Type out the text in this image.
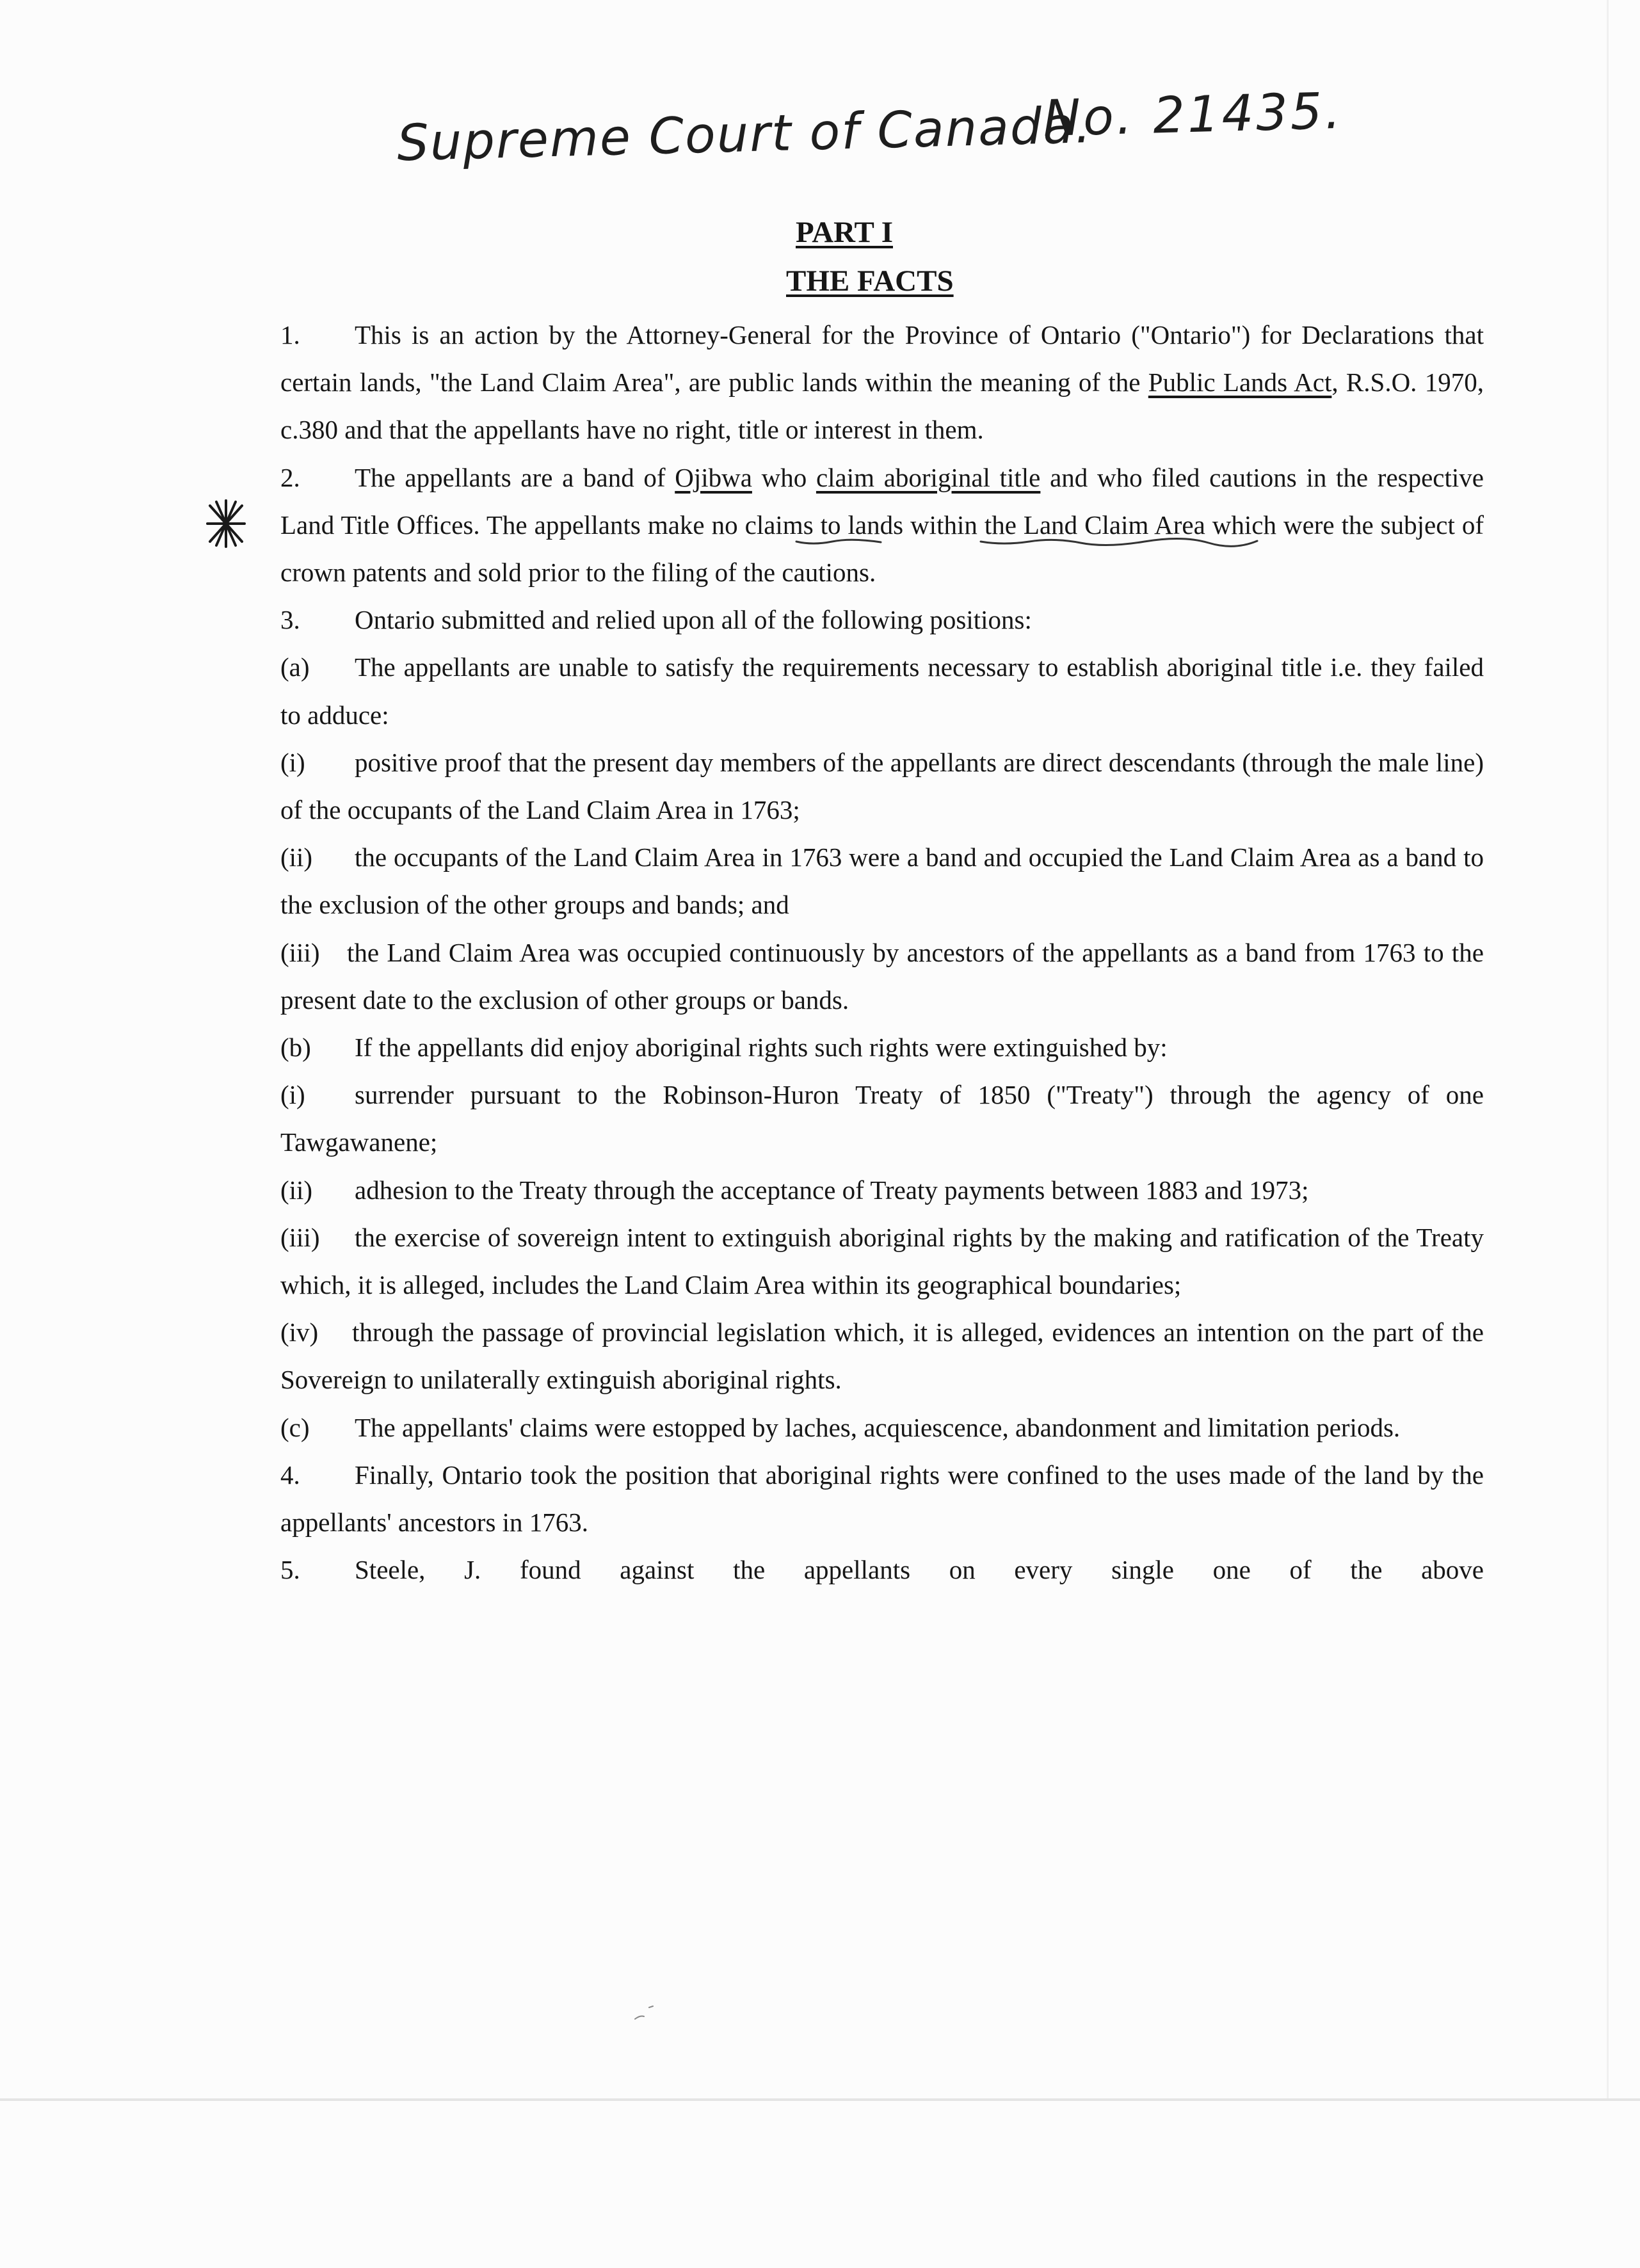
Supreme Court of Canada.
No. 21435.
PART I
THE FACTS

1. This is an action by the Attorney-General for the Province of Ontario ("Ontario") for Declarations that certain lands, "the Land Claim Area", are public lands within the meaning of the Public Lands Act, R.S.O. 1970, c.380 and that the appellants have no right, title or interest in them.

2. The appellants are a band of Ojibwa who claim aboriginal title and who filed cautions in the respective Land Title Offices. The appellants make no claims to lands within the Land Claim Area which were the subject of crown patents and sold prior to the filing of the cautions.

3. Ontario submitted and relied upon all of the following positions:

(a) The appellants are unable to satisfy the requirements necessary to establish aboriginal title i.e. they failed to adduce:

(i) positive proof that the present day members of the appellants are direct descendants (through the male line) of the occupants of the Land Claim Area in 1763;

(ii) the occupants of the Land Claim Area in 1763 were a band and occupied the Land Claim Area as a band to the exclusion of the other groups and bands; and

(iii) the Land Claim Area was occupied continuously by ancestors of the appellants as a band from 1763 to the present date to the exclusion of other groups or bands.

(b) If the appellants did enjoy aboriginal rights such rights were extinguished by:

(i) surrender pursuant to the Robinson-Huron Treaty of 1850 ("Treaty") through the agency of one Tawgawanene;

(ii) adhesion to the Treaty through the acceptance of Treaty payments between 1883 and 1973;

(iii) the exercise of sovereign intent to extinguish aboriginal rights by the making and ratification of the Treaty which, it is alleged, includes the Land Claim Area within its geographical boundaries;

(iv) through the passage of provincial legislation which, it is alleged, evidences an intention on the part of the Sovereign to unilaterally extinguish aboriginal rights.

(c) The appellants' claims were estopped by laches, acquiescence, abandonment and limitation periods.

4. Finally, Ontario took the position that aboriginal rights were confined to the uses made of the land by the appellants' ancestors in 1763.

5. Steele, J. found against the appellants on every single one of the above
